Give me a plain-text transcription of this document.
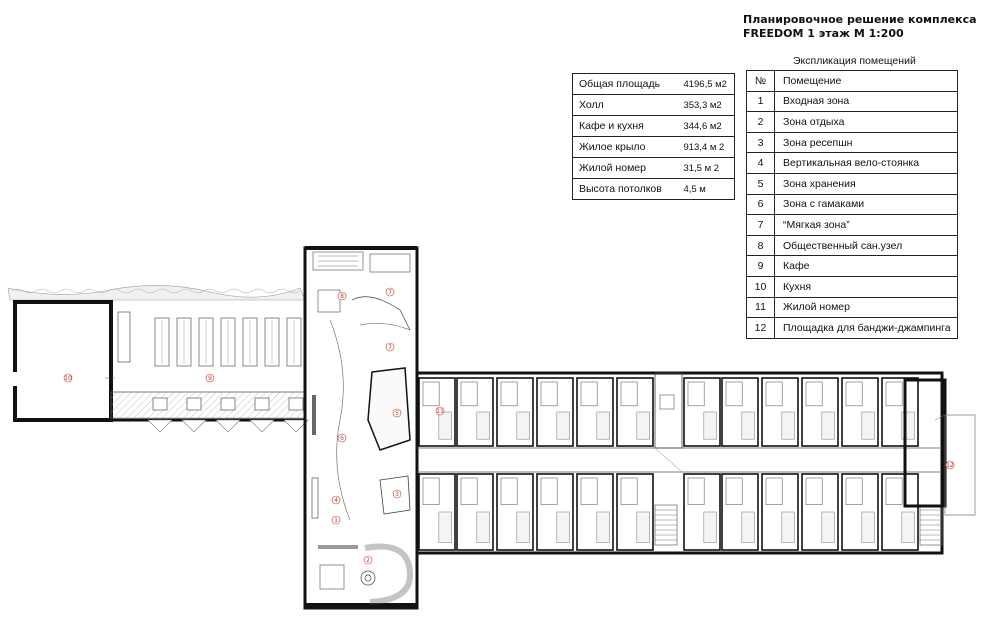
Планировочное решение комплекса
FREEDOM 1 этаж М 1:200
Общая площадь	4196,5 м2
Холл	353,3 м2
Кафе и кухня	344,6 м2
Жилое крыло	913,4 м 2
Жилой номер	31,5 м 2
Высота потолков	4,5 м
Экспликация помещений
№	Помещение
1	Входная зона
2	Зона отдыха
3	Зона ресепшн
4	Вертикальная вело-стоянка
5	Зона хранения
6	Зона с гамаками
7	“Мягкая зона”
8	Общественный сан.узел
9	Кафе
10	Кухня
11	Жилой номер
12	Площадка для банджи-джампинга
10	9
8
7
7
6
5
4
3
2
1
11
12
